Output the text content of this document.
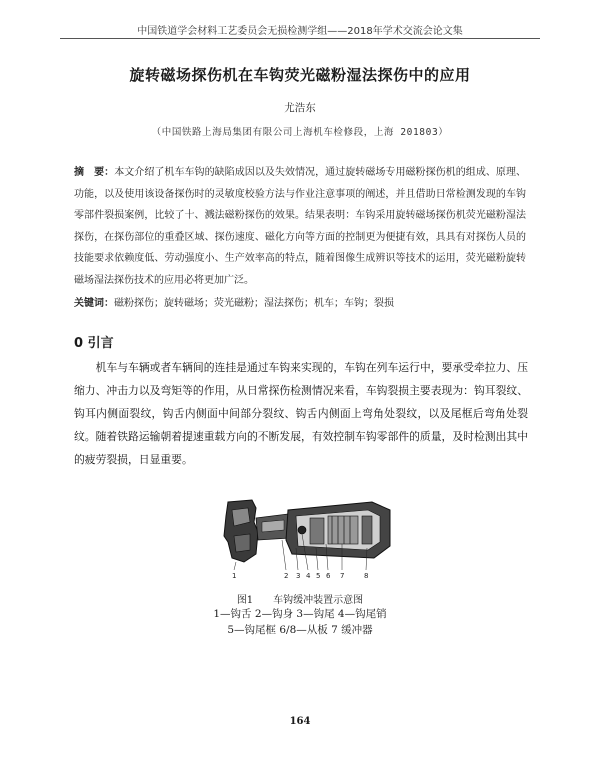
中国铁道学会材料工艺委员会无损检测学组——2018年学术交流会论文集
旋转磁场探伤机在车钩荧光磁粉湿法探伤中的应用
尤浩东
（中国铁路上海局集团有限公司上海机车检修段，上海 201803）
摘　要：本文介绍了机车车钩的缺陷成因以及失效情况，通过旋转磁场专用磁粉探伤机的组成、原理、功能，以及使用该设备探伤时的灵敏度校验方法与作业注意事项的阐述，并且借助日常检测发现的车钩零部件裂损案例，比较了十、溅法磁粉探伤的效果。结果表明：车钩采用旋转磁场探伤机荧光磁粉湿法探伤，在探伤部位的重叠区域、探伤速度、磁化方向等方面的控制更为便捷有效，具具有对探伤人员的技能要求依赖度低、劳动强度小、生产效率高的特点，随着图像生成辨识等技术的运用，荧光磁粉旋转磁场湿法探伤技术的应用必将更加广泛。
关键词：磁粉探伤；旋转磁场；荧光磁粉；湿法探伤；机车；车钩；裂损
0 引言
机车与车辆或者车辆间的连挂是通过车钩来实现的，车钩在列车运行中，要承受牵拉力、压缩力、冲击力以及弯矩等的作用，从日常探伤检测情况来看，车钩裂损主要表现为：钩耳裂纹、钩耳内侧面裂纹，钩舌内侧面中间部分裂纹、钩舌内侧面上弯角处裂纹，以及尾框后弯角处裂纹。随着铁路运输朝着提速重载方向的不断发展，有效控制车钩零部件的质量，及时检测出其中的疲劳裂损，日显重要。
1	2 3 4 5 6 7	8
图1　　车钩缓冲装置示意图
1—钩舌 2—钩身 3—钩尾 4—钩尾销
5—钩尾框 6/8—从板 7 缓冲器
164
